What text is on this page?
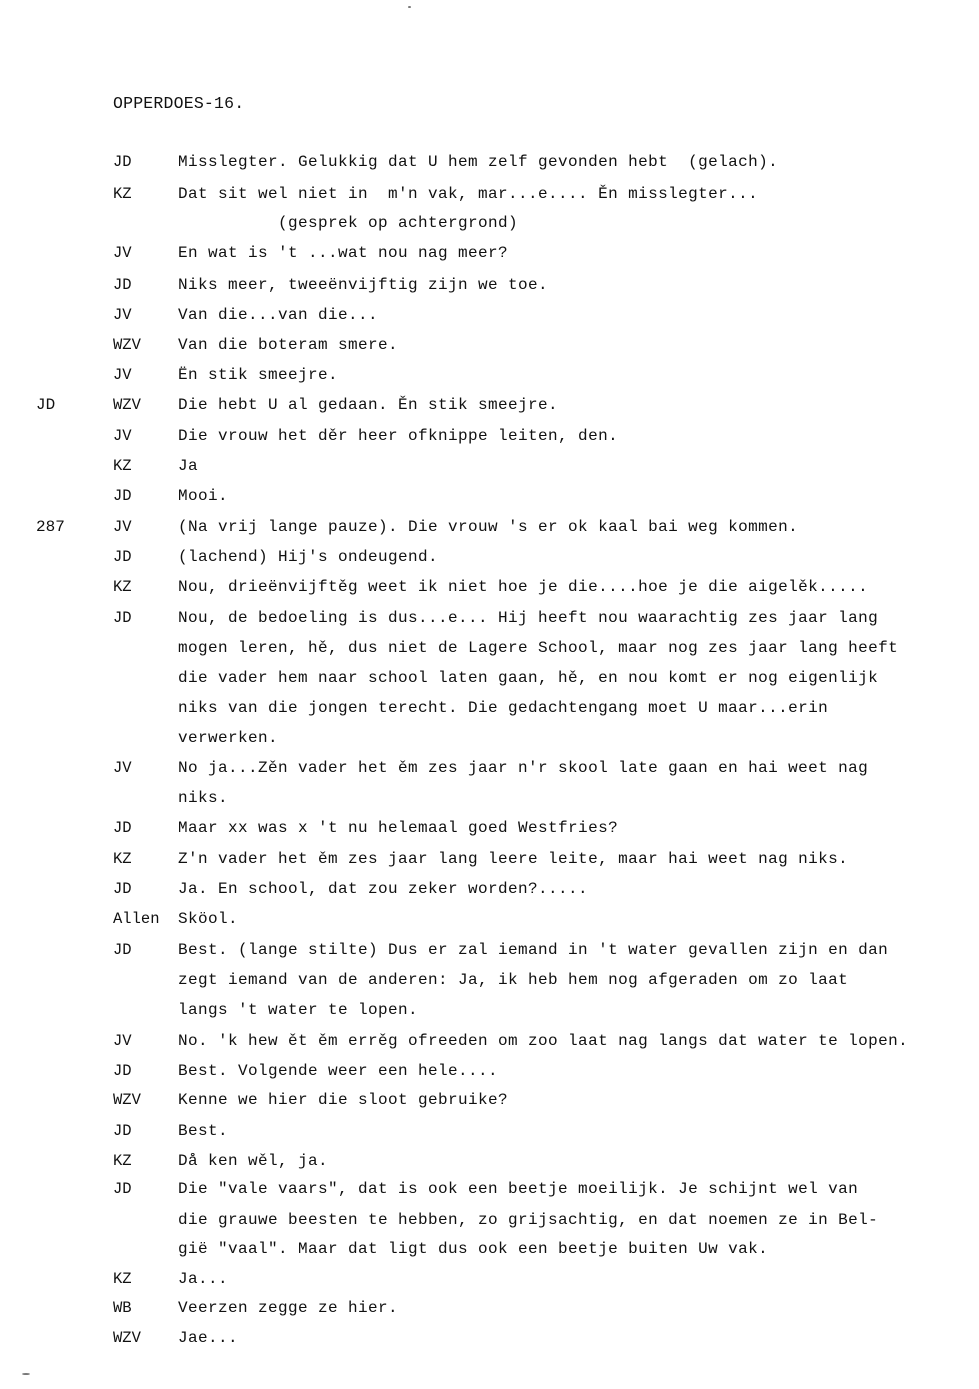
OPPERDOES-16.
JD	Misslegter. Gelukkig dat U hem zelf gevonden hebt  (gelach).
KZ	Dat sit wel niet in  m'n vak, mar...e.... Ěn misslegter...
(gesprek op achtergrond)
JV	En wat is 't ...wat nou nag meer?
JD	Niks meer, tweeënvijftig zijn we toe.
JV	Van die...van die...
WZV Van die boteram smere.
JV	Ën stik smeejre.
JD	WZV Die hebt U al gedaan. Ěn stik smeejre.
JV	Die vrouw het děr heer ofknippe leiten, den.
KZ	Ja
JD	Mooi.
287	JV	(Na vrij lange pauze). Die vrouw 's er ok kaal bai weg kommen.
JD	(lachend) Hij's ondeugend.
KZ	Nou, drieënvijftěg weet ik niet hoe je die....hoe je die aigelěk.....
JD	Nou, de bedoeling is dus...e... Hij heeft nou waarachtig zes jaar lang
mogen leren, hě, dus niet de Lagere School, maar nog zes jaar lang heeft
die vader hem naar school laten gaan, hě, en nou komt er nog eigenlijk
niks van die jongen terecht. Die gedachtengang moet U maar...erin
verwerken.
JV	No ja...Zěn vader het ěm zes jaar n'r skool late gaan en hai weet nag
niks.
JD	Maar xx was x 't nu helemaal goed Westfries?
KZ	Z'n vader het ěm zes jaar lang leere leite, maar hai weet nag niks.
JD	Ja. En school, dat zou zeker worden?.....
Allen Sköol.
JD	Best. (lange stilte) Dus er zal iemand in 't water gevallen zijn en dan
zegt iemand van de anderen: Ja, ik heb hem nog afgeraden om zo laat
langs 't water te lopen.
JV	No. 'k hew ět ěm errěg ofreeden om zoo laat nag langs dat water te lopen.
JD	Best. Volgende weer een hele....
WZV Kenne we hier die sloot gebruike?
JD	Best.
KZ	Då ken wěl, ja.
JD	Die "vale vaars", dat is ook een beetje moeilijk. Je schijnt wel van
die grauwe beesten te hebben, zo grijsachtig, en dat noemen ze in Bel-
gië "vaal". Maar dat ligt dus ook een beetje buiten Uw vak.
KZ	Ja...
WB	Veerzen zegge ze hier.
WZV Jae...
